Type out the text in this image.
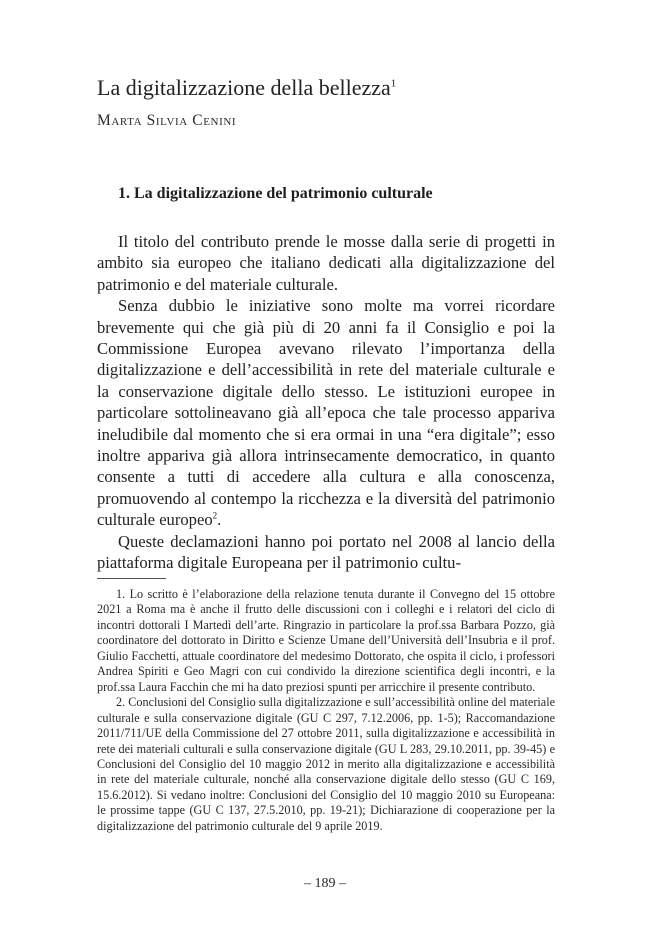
La digitalizzazione della bellezza$^1$
Marta Silvia Cenini
1. La digitalizzazione del patrimonio culturale

Il titolo del contributo prende le mosse dalla serie di progetti in ambito sia europeo che italiano dedicati alla digitalizzazione del patrimonio e del materiale culturale.

Senza dubbio le iniziative sono molte ma vorrei ricordare brevemente qui che già più di 20 anni fa il Consiglio e poi la Commissione Europea avevano rilevato l’importanza della digitalizzazione e dell’accessibilità in rete del materiale culturale e la conservazione digitale dello stesso. Le istituzioni europee in particolare sottolineavano già all’epoca che tale processo appariva ineludibile dal momento che si era ormai in una “era digitale”; esso inoltre appariva già allora intrinsecamente democratico, in quanto consente a tutti di accedere alla cultura e alla conoscenza, promuovendo al contempo la ricchezza e la diversità del patrimonio culturale europeo$^2$.

Queste declamazioni hanno poi portato nel 2008 al lancio della piattaforma digitale Europeana per il patrimonio cultu-

1. Lo scritto è l’elaborazione della relazione tenuta durante il Convegno del 15 ottobre 2021 a Roma ma è anche il frutto delle discussioni con i colleghi e i relatori del ciclo di incontri dottorali I Martedì dell’arte. Ringrazio in particolare la prof.ssa Barbara Pozzo, già coordinatore del dottorato in Diritto e Scienze Umane dell’Università dell’Insubria e il prof. Giulio Facchetti, attuale coordinatore del medesimo Dottorato, che ospita il ciclo, i professori Andrea Spiriti e Geo Magri con cui condivido la direzione scientifica degli incontri, e la prof.ssa Laura Facchin che mi ha dato preziosi spunti per arricchire il presente contributo.

2. Conclusioni del Consiglio sulla digitalizzazione e sull’accessibilità online del materiale culturale e sulla conservazione digitale (GU C 297, 7.12.2006, pp. 1-5); Raccomandazione 2011/711/UE della Commissione del 27 ottobre 2011, sulla digitalizzazione e accessibilità in rete dei materiali culturali e sulla conservazione digitale (GU L 283, 29.10.2011, pp. 39-45) e Conclusioni del Consiglio del 10 maggio 2012 in merito alla digitalizzazione e accessibilità in rete del materiale culturale, nonché alla conservazione digitale dello stesso (GU C 169, 15.6.2012). Si vedano inoltre: Conclusioni del Consiglio del 10 maggio 2010 su Europeana: le prossime tappe (GU C 137, 27.5.2010, pp. 19-21); Dichiarazione di cooperazione per la digitalizzazione del patrimonio culturale del 9 aprile 2019.

– 189 –
